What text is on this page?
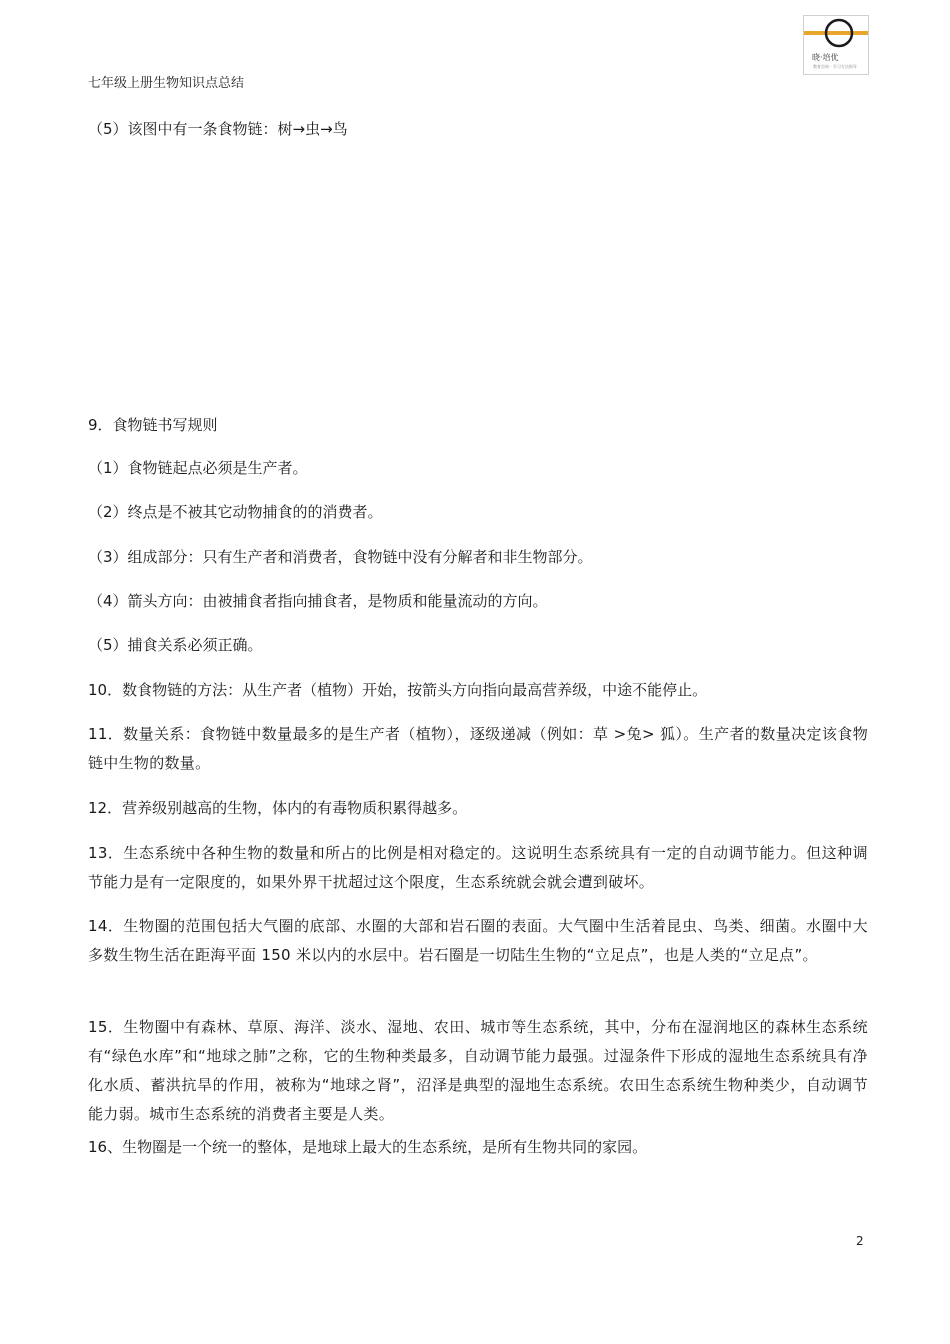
晓·培优
教育咨询 · 学习方法指导
七年级上册生物知识点总结
（5）该图中有一条食物链：树→虫→鸟
9．食物链书写规则
（1）食物链起点必须是生产者。
（2）终点是不被其它动物捕食的的消费者。
（3）组成部分：只有生产者和消费者，食物链中没有分解者和非生物部分。
（4）箭头方向：由被捕食者指向捕食者，是物质和能量流动的方向。
（5）捕食关系必须正确。
10．数食物链的方法：从生产者（植物）开始，按箭头方向指向最高营养级，中途不能停止。
11．数量关系：食物链中数量最多的是生产者（植物），逐级递减（例如：草 >兔> 狐）。生产者的数量决定该食物链中生物的数量。
12．营养级别越高的生物，体内的有毒物质积累得越多。
13．生态系统中各种生物的数量和所占的比例是相对稳定的。这说明生态系统具有一定的自动调节能力。但这种调节能力是有一定限度的，如果外界干扰超过这个限度，生态系统就会就会遭到破坏。
14．生物圈的范围包括大气圈的底部、水圈的大部和岩石圈的表面。大气圈中生活着昆虫、鸟类、细菌。水圈中大多数生物生活在距海平面 150 米以内的水层中。岩石圈是一切陆生生物的“立足点”，也是人类的“立足点”。
15．生物圈中有森林、草原、海洋、淡水、湿地、农田、城市等生态系统，其中，分布在湿润地区的森林生态系统有“绿色水库”和“地球之肺”之称，它的生物种类最多，自动调节能力最强。过湿条件下形成的湿地生态系统具有净化水质、蓄洪抗旱的作用，被称为“地球之肾”，沼泽是典型的湿地生态系统。农田生态系统生物种类少，自动调节能力弱。城市生态系统的消费者主要是人类。
16、生物圈是一个统一的整体，是地球上最大的生态系统，是所有生物共同的家园。
2
